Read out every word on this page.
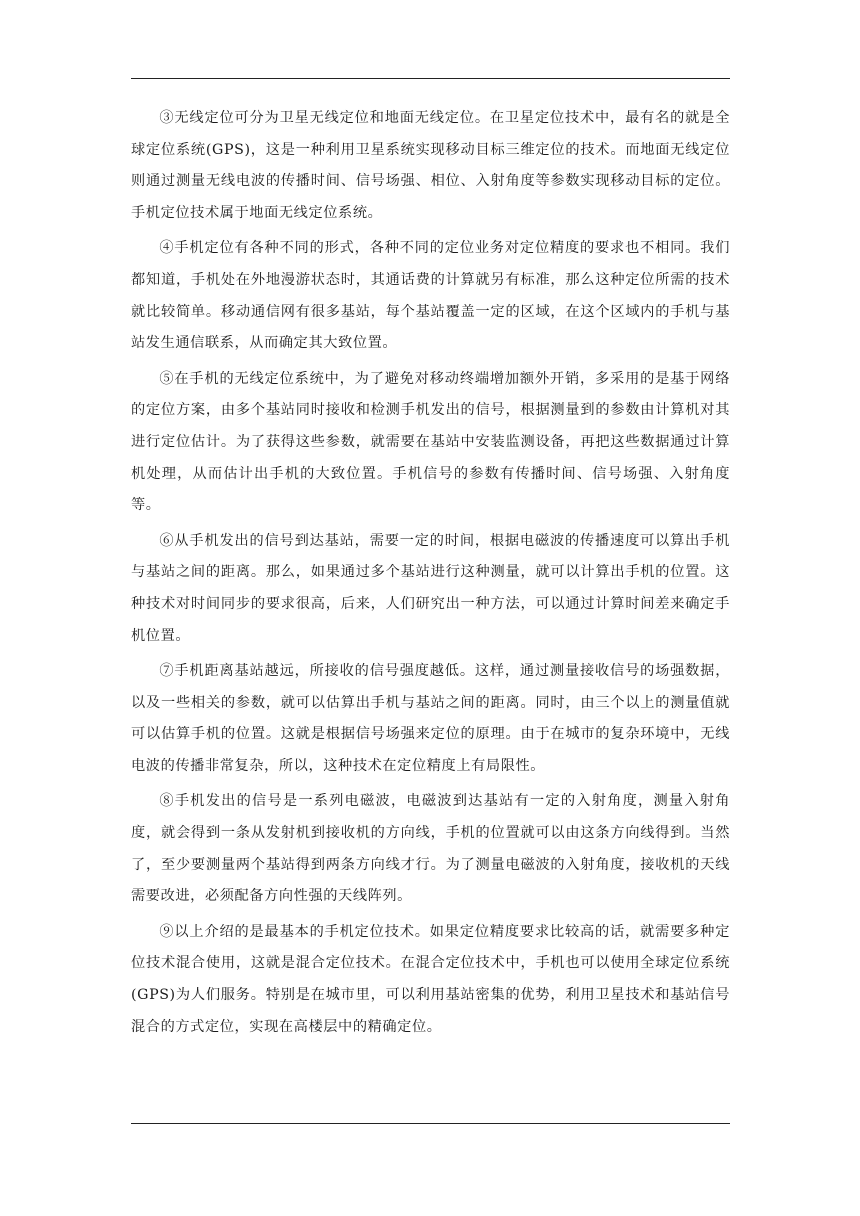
③无线定位可分为卫星无线定位和地面无线定位。在卫星定位技术中，最有名的就是全球定位系统(GPS)，这是一种利用卫星系统实现移动目标三维定位的技术。而地面无线定位则通过测量无线电波的传播时间、信号场强、相位、入射角度等参数实现移动目标的定位。手机定位技术属于地面无线定位系统。

④手机定位有各种不同的形式，各种不同的定位业务对定位精度的要求也不相同。我们都知道，手机处在外地漫游状态时，其通话费的计算就另有标准，那么这种定位所需的技术就比较简单。移动通信网有很多基站，每个基站覆盖一定的区域，在这个区域内的手机与基站发生通信联系，从而确定其大致位置。

⑤在手机的无线定位系统中，为了避免对移动终端增加额外开销，多采用的是基于网络的定位方案，由多个基站同时接收和检测手机发出的信号，根据测量到的参数由计算机对其进行定位估计。为了获得这些参数，就需要在基站中安装监测设备，再把这些数据通过计算机处理，从而估计出手机的大致位置。手机信号的参数有传播时间、信号场强、入射角度等。

⑥从手机发出的信号到达基站，需要一定的时间，根据电磁波的传播速度可以算出手机与基站之间的距离。那么，如果通过多个基站进行这种测量，就可以计算出手机的位置。这种技术对时间同步的要求很高，后来，人们研究出一种方法，可以通过计算时间差来确定手机位置。

⑦手机距离基站越远，所接收的信号强度越低。这样，通过测量接收信号的场强数据，以及一些相关的参数，就可以估算出手机与基站之间的距离。同时，由三个以上的测量值就可以估算手机的位置。这就是根据信号场强来定位的原理。由于在城市的复杂环境中，无线电波的传播非常复杂，所以，这种技术在定位精度上有局限性。

⑧手机发出的信号是一系列电磁波，电磁波到达基站有一定的入射角度，测量入射角度，就会得到一条从发射机到接收机的方向线，手机的位置就可以由这条方向线得到。当然了，至少要测量两个基站得到两条方向线才行。为了测量电磁波的入射角度，接收机的天线需要改进，必须配备方向性强的天线阵列。

⑨以上介绍的是最基本的手机定位技术。如果定位精度要求比较高的话，就需要多种定位技术混合使用，这就是混合定位技术。在混合定位技术中，手机也可以使用全球定位系统(GPS)为人们服务。特别是在城市里，可以利用基站密集的优势，利用卫星技术和基站信号混合的方式定位，实现在高楼层中的精确定位。
